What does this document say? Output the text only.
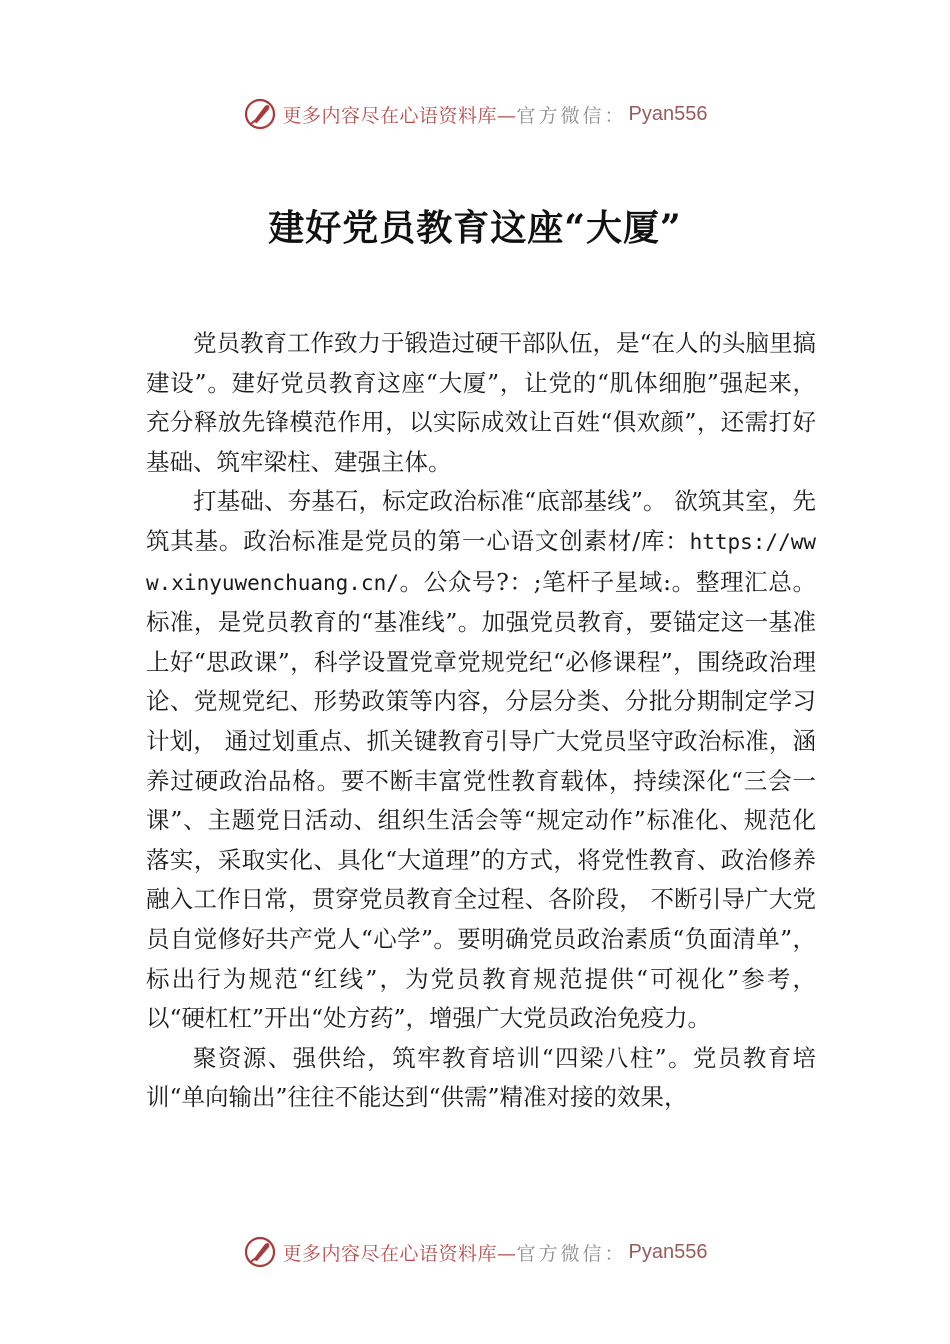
更多内容尽在心语资料库— 官方微信： Pyan556
建好党员教育这座“大厦”

党员教育工作致力于锻造过硬干部队伍，是“在人的头脑里搞建设”。建好党员教育这座“大厦”，让党的“肌体细胞”强起来，充分释放先锋模范作用，以实际成效让百姓“俱欢颜”，还需打好基础、筑牢梁柱、建强主体。

打基础、夯基石，标定政治标准“底部基线”。 欲筑其室，先筑其基。政治标准是党员的第一心语文创素材/库：https://www.xinyuwenchuang.cn/。公众号?：;笔杆子星域:。整理汇总。标准，是党员教育的“基准线”。加强党员教育，要锚定这一基准上好“思政课”，科学设置党章党规党纪“必修课程”，围绕政治理论、党规党纪、形势政策等内容，分层分类、分批分期制定学习计划， 通过划重点、抓关键教育引导广大党员坚守政治标准，涵养过硬政治品格。要不断丰富党性教育载体，持续深化“三会一课”、主题党日活动、组织生活会等“规定动作”标准化、规范化落实，采取实化、具化“大道理”的方式，将党性教育、政治修养融入工作日常，贯穿党员教育全过程、各阶段， 不断引导广大党员自觉修好共产党人“心学”。要明确党员政治素质“负面清单”，标出行为规范“红线”，为党员教育规范提供“可视化”参考，以“硬杠杠”开出“处方药”，增强广大党员政治免疫力。

聚资源、强供给，筑牢教育培训“四梁八柱”。党员教育培训“单向输出”往往不能达到“供需”精准对接的效果，

更多内容尽在心语资料库— 官方微信： Pyan556
